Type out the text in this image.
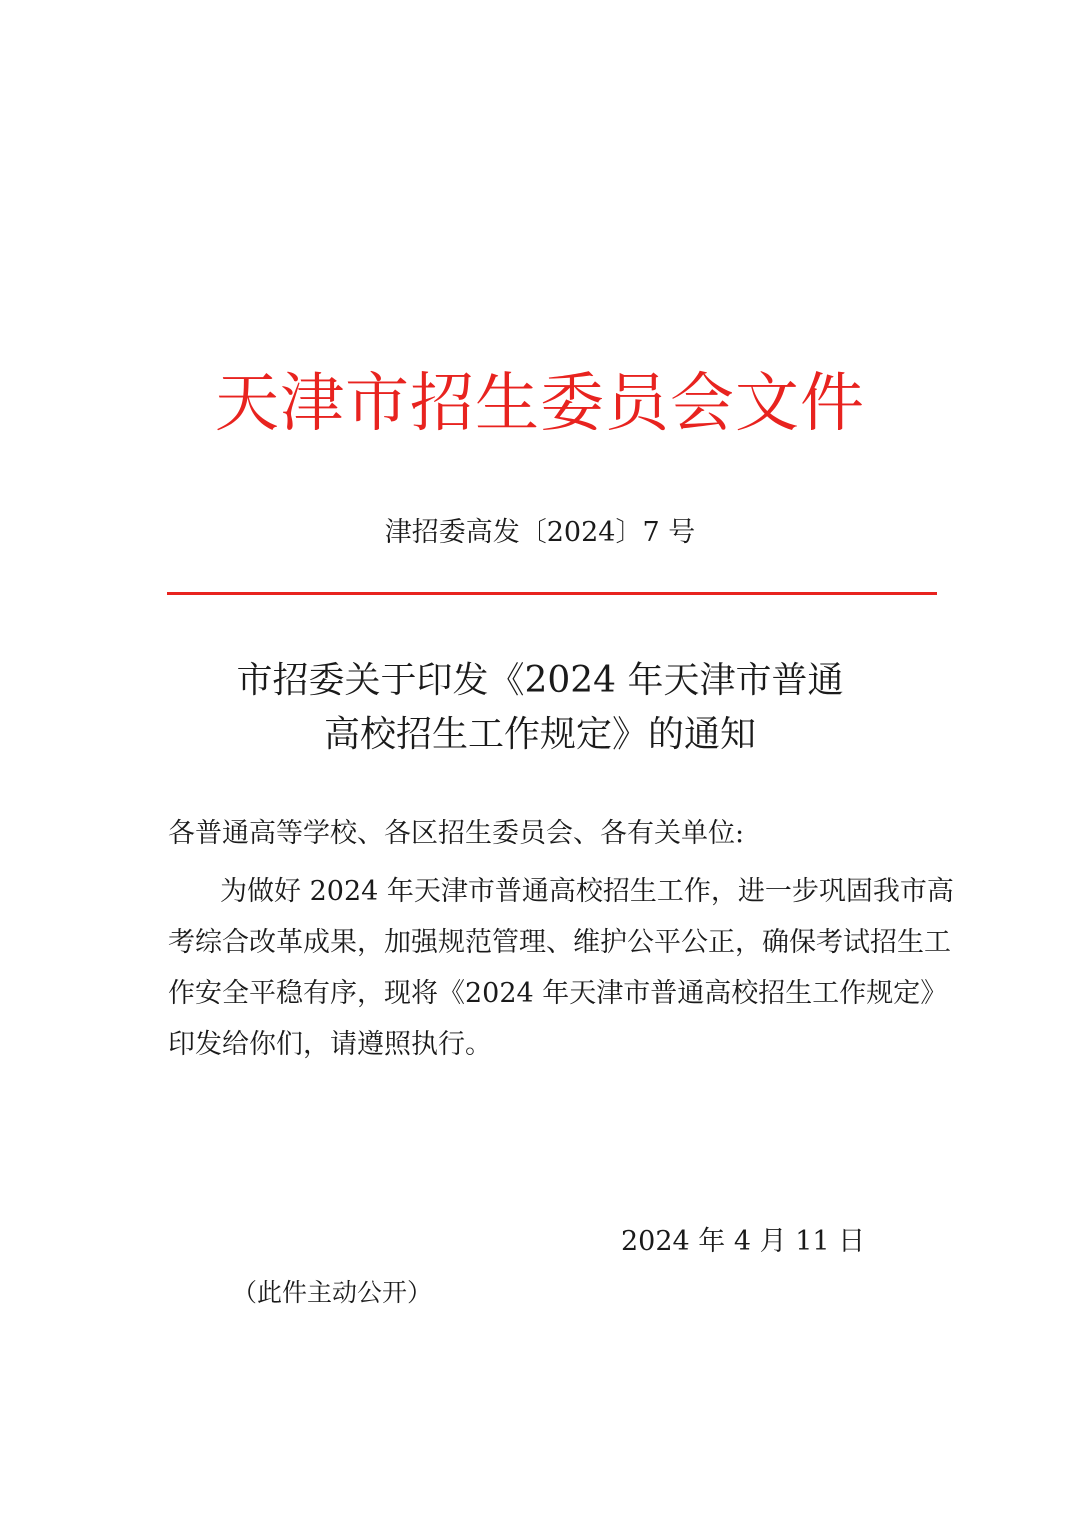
天津市招生委员会文件
津招委高发〔2024〕7 号
市招委关于印发《2024 年天津市普通
高校招生工作规定》的通知
各普通高等学校、各区招生委员会、各有关单位:
为做好 2024 年天津市普通高校招生工作，进一步巩固我市高
考综合改革成果，加强规范管理、维护公平公正，确保考试招生工
作安全平稳有序，现将《2024 年天津市普通高校招生工作规定》
印发给你们，请遵照执行。
2024 年 4 月 11 日
（此件主动公开）
